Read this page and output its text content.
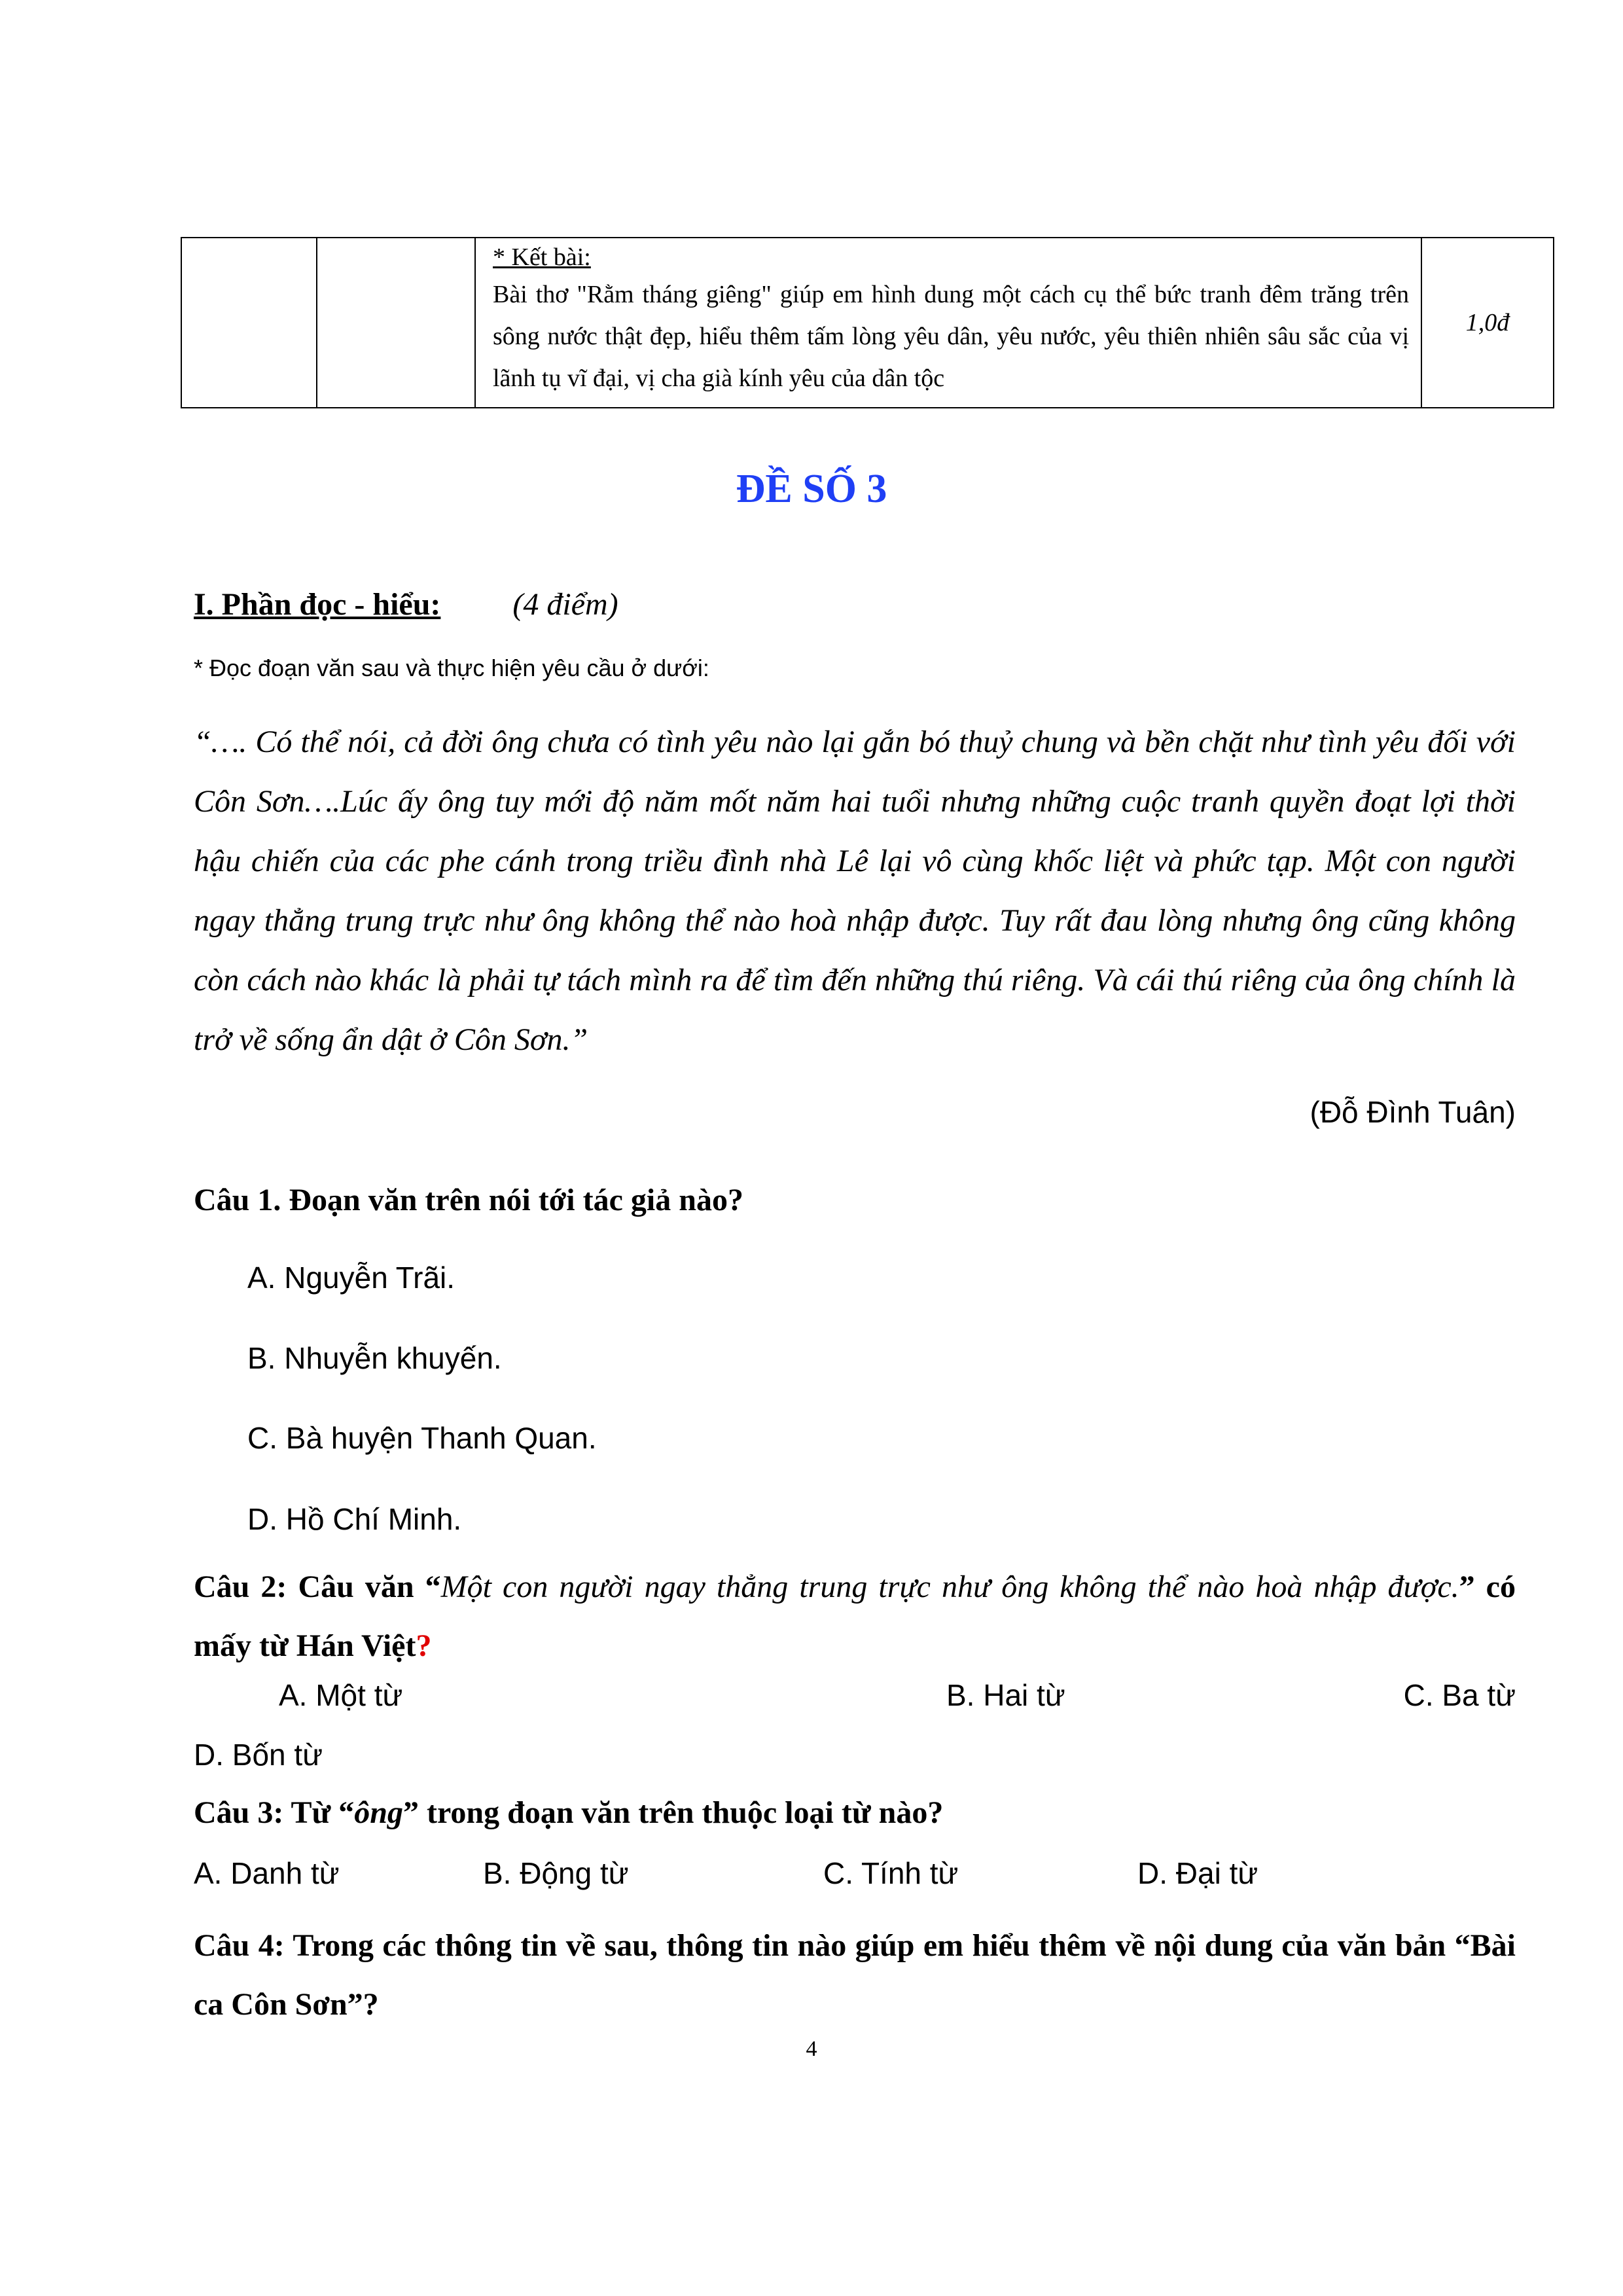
* Kết bài:
Bài thơ "Rằm tháng giêng" giúp em hình dung một cách cụ thể bức tranh đêm trăng trên sông nước thật đẹp, hiểu thêm tấm lòng yêu dân, yêu nước, yêu thiên nhiên sâu sắc của vị lãnh tụ vĩ đại, vị cha già kính yêu của dân tộc
	1,0đ
ĐỀ SỐ 3
I. Phần đọc - hiểu: (4 điểm)
* Đọc đoạn văn sau và thực hiện yêu cầu ở dưới:
“…. Có thể nói, cả đời ông chưa có tình yêu nào lại gắn bó thuỷ chung và bền chặt như tình yêu đối với Côn Sơn….Lúc ấy ông tuy mới độ năm mốt năm hai tuổi nhưng những cuộc tranh quyền đoạt lợi thời hậu chiến của các phe cánh trong triều đình nhà Lê lại vô cùng khốc liệt và phức tạp. Một con người ngay thẳng trung trực như ông không thể nào hoà nhập được. Tuy rất đau lòng nhưng ông cũng không còn cách nào khác là phải tự tách mình ra để tìm đến những thú riêng. Và cái thú riêng của ông chính là trở về sống ẩn dật ở Côn Sơn.”
(Đỗ Đình Tuân)
Câu 1. Đoạn văn trên nói tới tác giả nào?
A. Nguyễn Trãi.
B. Nhuyễn khuyến.
C. Bà huyện Thanh Quan.
D. Hồ Chí Minh.
Câu 2: Câu văn “Một con người ngay thẳng trung trực như ông không thể nào hoà nhập được.” có mấy từ Hán Việt?
A. Một từ	B. Hai từ	C. Ba từ
D. Bốn từ
Câu 3: Từ “ông” trong đoạn văn trên thuộc loại từ nào?
A. Danh từ	B. Động từ	C. Tính từ	D. Đại từ
Câu 4: Trong các thông tin về sau, thông tin nào giúp em hiểu thêm về nội dung của văn bản “Bài ca Côn Sơn”?
4
